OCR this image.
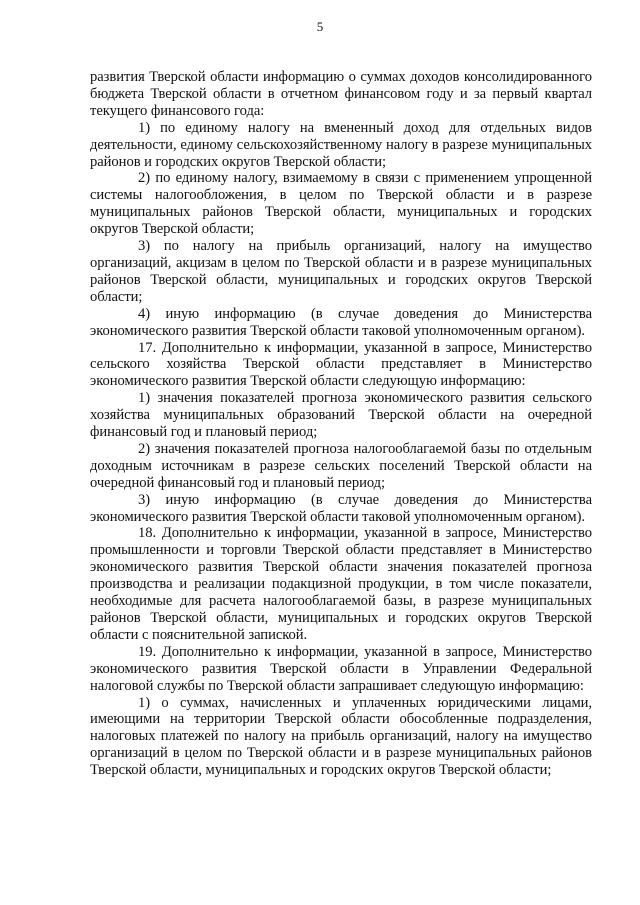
5

развития Тверской области информацию о суммах доходов консолидированного бюджета Тверской области в отчетном финансовом году и за первый квартал текущего финансового года:

1) по единому налогу на вмененный доход для отдельных видов деятельности, единому сельскохозяйственному налогу в разрезе муниципальных районов и городских округов Тверской области;

2) по единому налогу, взимаемому в связи с применением упрощенной системы налогообложения, в целом по Тверской области и в разрезе муниципальных районов Тверской области, муниципальных и городских округов Тверской области;

3) по налогу на прибыль организаций, налогу на имущество организаций, акцизам в целом по Тверской области и в разрезе муниципальных районов Тверской области, муниципальных и городских округов Тверской области;

4) иную информацию (в случае доведения до Министерства экономического развития Тверской области таковой уполномоченным органом).

17. Дополнительно к информации, указанной в запросе, Министерство сельского хозяйства Тверской области представляет в Министерство экономического развития Тверской области следующую информацию:

1) значения показателей прогноза экономического развития сельского хозяйства муниципальных образований Тверской области на очередной финансовый год и плановый период;

2) значения показателей прогноза налогооблагаемой базы по отдельным доходным источникам в разрезе сельских поселений Тверской области на очередной финансовый год и плановый период;

3) иную информацию (в случае доведения до Министерства экономического развития Тверской области таковой уполномоченным органом).

18. Дополнительно к информации, указанной в запросе, Министерство промышленности и торговли Тверской области представляет в Министерство экономического развития Тверской области значения показателей прогноза производства и реализации подакцизной продукции, в том числе показатели, необходимые для расчета налогооблагаемой базы, в разрезе муниципальных районов Тверской области, муниципальных и городских округов Тверской области с пояснительной запиской.

19. Дополнительно к информации, указанной в запросе, Министерство экономического развития Тверской области в Управлении Федеральной налоговой службы по Тверской области запрашивает следующую информацию:

1) о суммах, начисленных и уплаченных юридическими лицами, имеющими на территории Тверской области обособленные подразделения, налоговых платежей по налогу на прибыль организаций, налогу на имущество организаций в целом по Тверской области и в разрезе муниципальных районов Тверской области, муниципальных и городских округов Тверской области;
